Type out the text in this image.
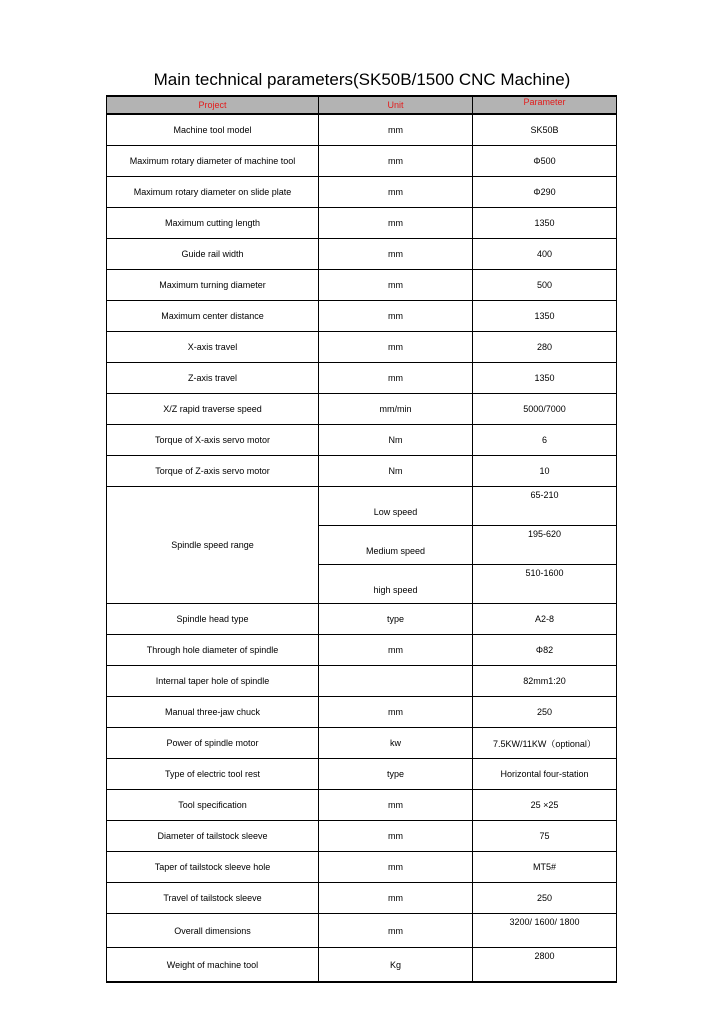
Main technical parameters(SK50B/1500 CNC Machine)
Project	Unit	Parameter
Machine tool model	mm	SK50B
Maximum rotary diameter of machine tool	mm	Φ500
Maximum rotary diameter on slide plate	mm	Φ290
Maximum cutting length	mm	1350
Guide rail width	mm	400
Maximum turning diameter	mm	500
Maximum center distance	mm	1350
X-axis travel	mm	280
Z-axis travel	mm	1350
X/Z rapid traverse speed	mm/min	5000/7000
Torque of X-axis servo motor	Nm	6
Torque of Z-axis servo motor	Nm	10
Spindle speed range	Low speed	65-210
	Medium speed	195-620
	high speed	510-1600
Spindle head type	type	A2-8
Through hole diameter of spindle	mm	Φ82
Internal taper hole of spindle		82mm1:20
Manual three-jaw chuck	mm	250
Power of spindle motor	kw	7.5KW/11KW（optional）
Type of electric tool rest	type	Horizontal four-station
Tool specification	mm	25 ×25
Diameter of tailstock sleeve	mm	75
Taper of tailstock sleeve hole	mm	MT5#
Travel of tailstock sleeve	mm	250
Overall dimensions	mm	3200/ 1600/ 1800
Weight of machine tool	Kg	2800
